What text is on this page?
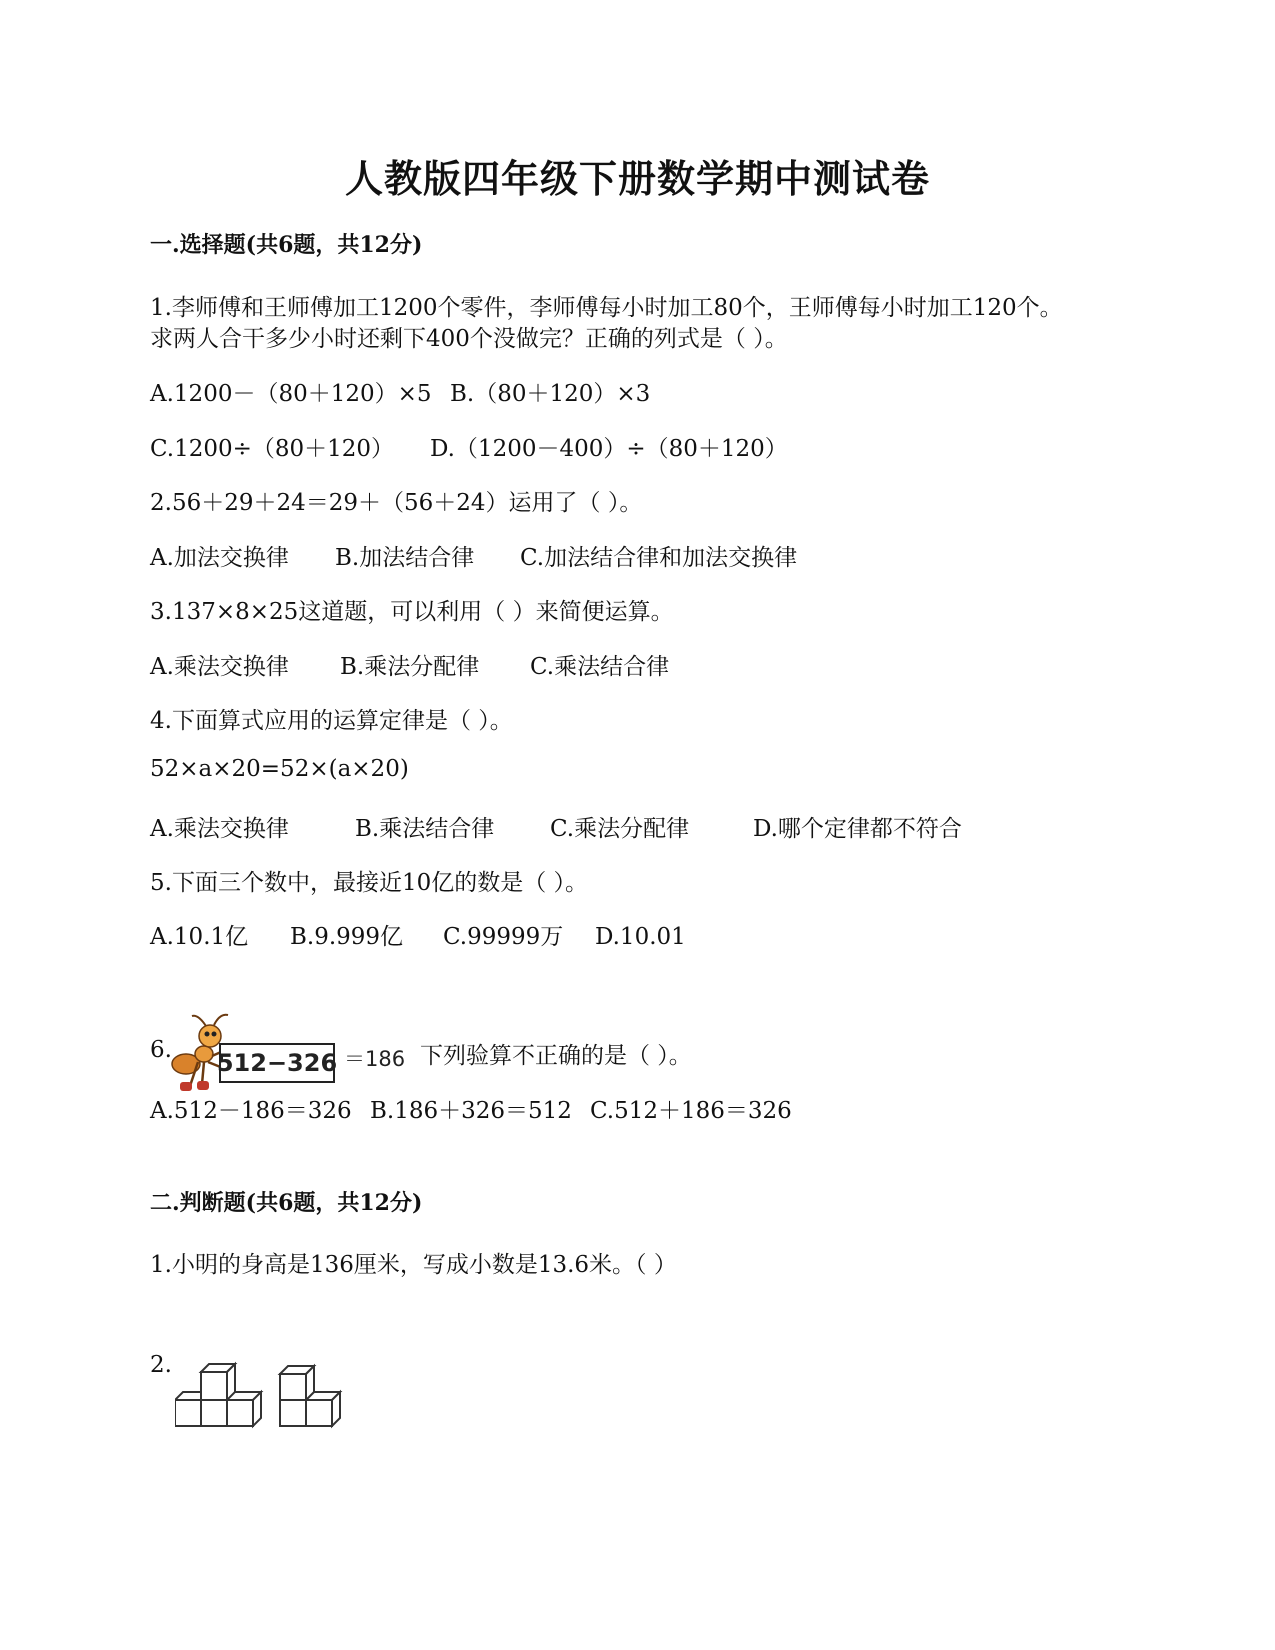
人教版四年级下册数学期中测试卷
一.选择题(共6题，共12分)
1.李师傅和王师傅加工1200个零件，李师傅每小时加工80个，王师傅每小时加工120个。
求两人合干多少小时还剩下400个没做完？正确的列式是（ ）。
A.1200－（80＋120）×5 B.（80＋120）×3
C.1200÷（80＋120） D.（1200－400）÷（80＋120）
2.56＋29＋24＝29＋（56＋24）运用了（ ）。
A.加法交换律 B.加法结合律 C.加法结合律和加法交换律
3.137×8×25这道题，可以利用（ ）来简便运算。
A.乘法交换律 B.乘法分配律 C.乘法结合律
4.下面算式应用的运算定律是（ ）。
52×a×20=52×(a×20)
A.乘法交换律	B.乘法结合律 C.乘法分配律	D.哪个定律都不符合
5.下面三个数中，最接近10亿的数是（ ）。
A.10.1亿 B.9.999亿 C.99999万 D.10.01
512−326 ＝186
6.	下列验算不正确的是（ ）。
A.512－186＝326 B.186＋326＝512 C.512＋186＝326
二.判断题(共6题，共12分)
1.小明的身高是136厘米，写成小数是13.6米。（ ）
2.
